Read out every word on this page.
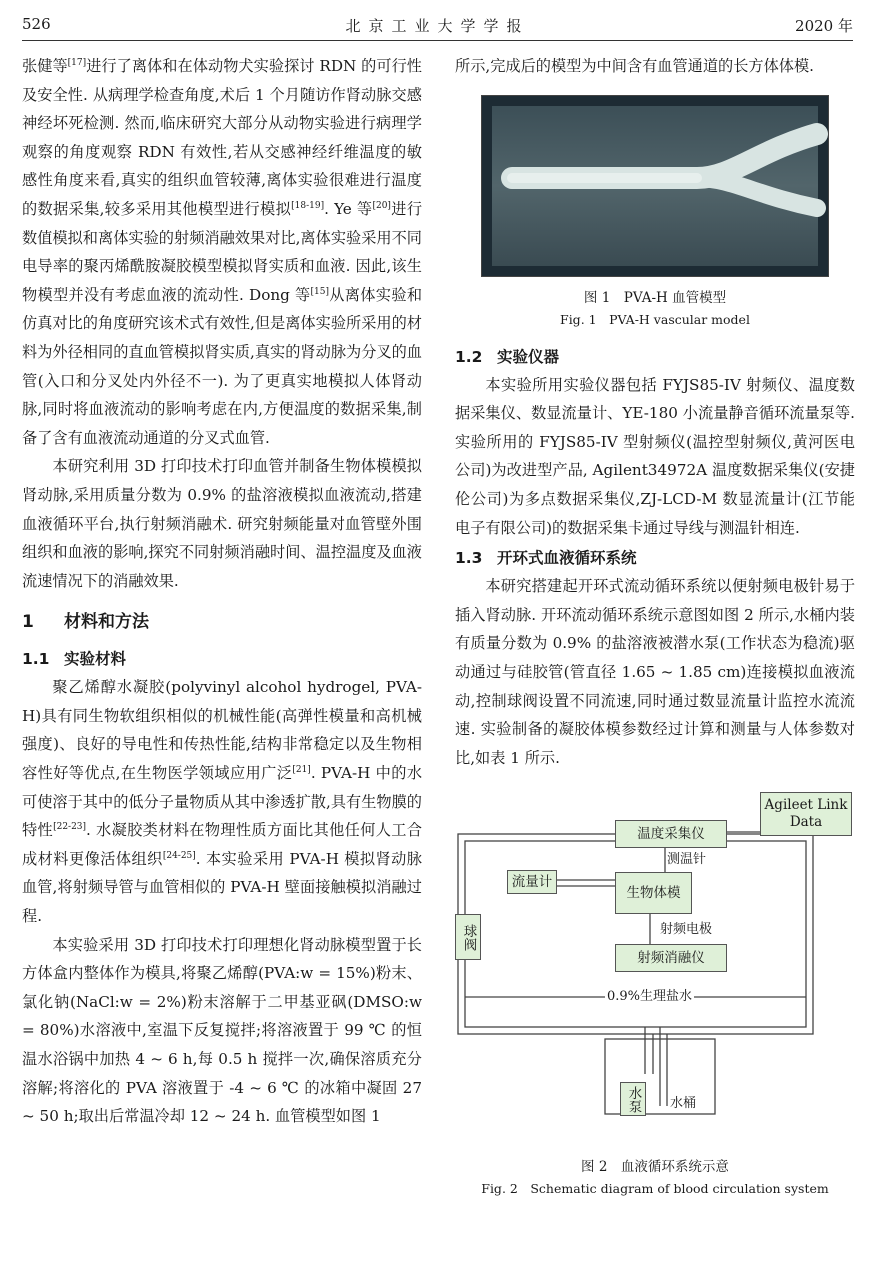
526	北京工业大学学报	2020 年

张健等[17]进行了离体和在体动物犬实验探讨 RDN 的可行性及安全性. 从病理学检查角度,术后 1 个月随访作肾动脉交感神经坏死检测. 然而,临床研究大部分从动物实验进行病理学观察的角度观察 RDN 有效性,若从交感神经纤维温度的敏感性角度来看,真实的组织血管较薄,离体实验很难进行温度的数据采集,较多采用其他模型进行模拟[18-19]. Ye 等[20]进行数值模拟和离体实验的射频消融效果对比,离体实验采用不同电导率的聚丙烯酰胺凝胶模型模拟肾实质和血液. 因此,该生物模型并没有考虑血液的流动性. Dong 等[15]从离体实验和仿真对比的角度研究该术式有效性,但是离体实验所采用的材料为外径相同的直血管模拟肾实质,真实的肾动脉为分叉的血管(入口和分叉处内外径不一). 为了更真实地模拟人体肾动脉,同时将血液流动的影响考虑在内,方便温度的数据采集,制备了含有血液流动通道的分叉式血管.

本研究利用 3D 打印技术打印血管并制备生物体模模拟肾动脉,采用质量分数为 0.9% 的盐溶液模拟血液流动,搭建血液循环平台,执行射频消融术. 研究射频能量对血管壁外围组织和血液的影响,探究不同射频消融时间、温控温度及血液流速情况下的消融效果.

1 材料和方法
1.1 实验材料

聚乙烯醇水凝胶(polyvinyl alcohol hydrogel, PVA-H)具有同生物软组织相似的机械性能(高弹性模量和高机械强度)、良好的导电性和传热性能,结构非常稳定以及生物相容性好等优点,在生物医学领域应用广泛[21]. PVA-H 中的水可使溶于其中的低分子量物质从其中渗透扩散,具有生物膜的特性[22-23]. 水凝胶类材料在物理性质方面比其他任何人工合成材料更像活体组织[24-25]. 本实验采用 PVA-H 模拟肾动脉血管,将射频导管与血管相似的 PVA-H 壁面接触模拟消融过程.

本实验采用 3D 打印技术打印理想化肾动脉模型置于长方体盒内整体作为模具,将聚乙烯醇(PVA:w = 15%)粉末、氯化钠(NaCl:w = 2%)粉末溶解于二甲基亚砜(DMSO:w = 80%)水溶液中,室温下反复搅拌;将溶液置于 99 ℃ 的恒温水浴锅中加热 4 ~ 6 h,每 0.5 h 搅拌一次,确保溶质充分溶解;将溶化的 PVA 溶液置于 -4 ~ 6 ℃ 的冰箱中凝固 27 ~ 50 h;取出后常温冷却 12 ~ 24 h. 血管模型如图 1

所示,完成后的模型为中间含有血管通道的长方体体模.

图 1　PVA-H 血管模型
Fig. 1　PVA-H vascular model
1.2 实验仪器

本实验所用实验仪器包括 FYJS85-IV 射频仪、温度数据采集仪、数显流量计、YE-180 小流量静音循环流量泵等. 实验所用的 FYJS85-IV 型射频仪(温控型射频仪,黄河医电公司)为改进型产品, Agilent34972A 温度数据采集仪(安捷伦公司)为多点数据采集仪,ZJ-LCD-M 数显流量计(江节能电子有限公司)的数据采集卡通过导线与测温针相连.

1.3 开环式血液循环系统

本研究搭建起开环式流动循环系统以便射频电极针易于插入肾动脉. 开环流动循环系统示意图如图 2 所示,水桶内装有质量分数为 0.9% 的盐溶液被潜水泵(工作状态为稳流)驱动通过与硅胶管(管直径 1.65 ~ 1.85 cm)连接模拟血液流动,控制球阀设置不同流速,同时通过数显流量计监控水流流速. 实验制备的凝胶体模参数经过计算和测量与人体参数对比,如表 1 所示.

温度采集仪
Agileet Link Data
测温针
流量计
生物体模
射频电极
射频消融仪
球阀
0.9%生理盐水
水泵	水桶
图 2　血液循环系统示意
Fig. 2　Schematic diagram of blood circulation system
